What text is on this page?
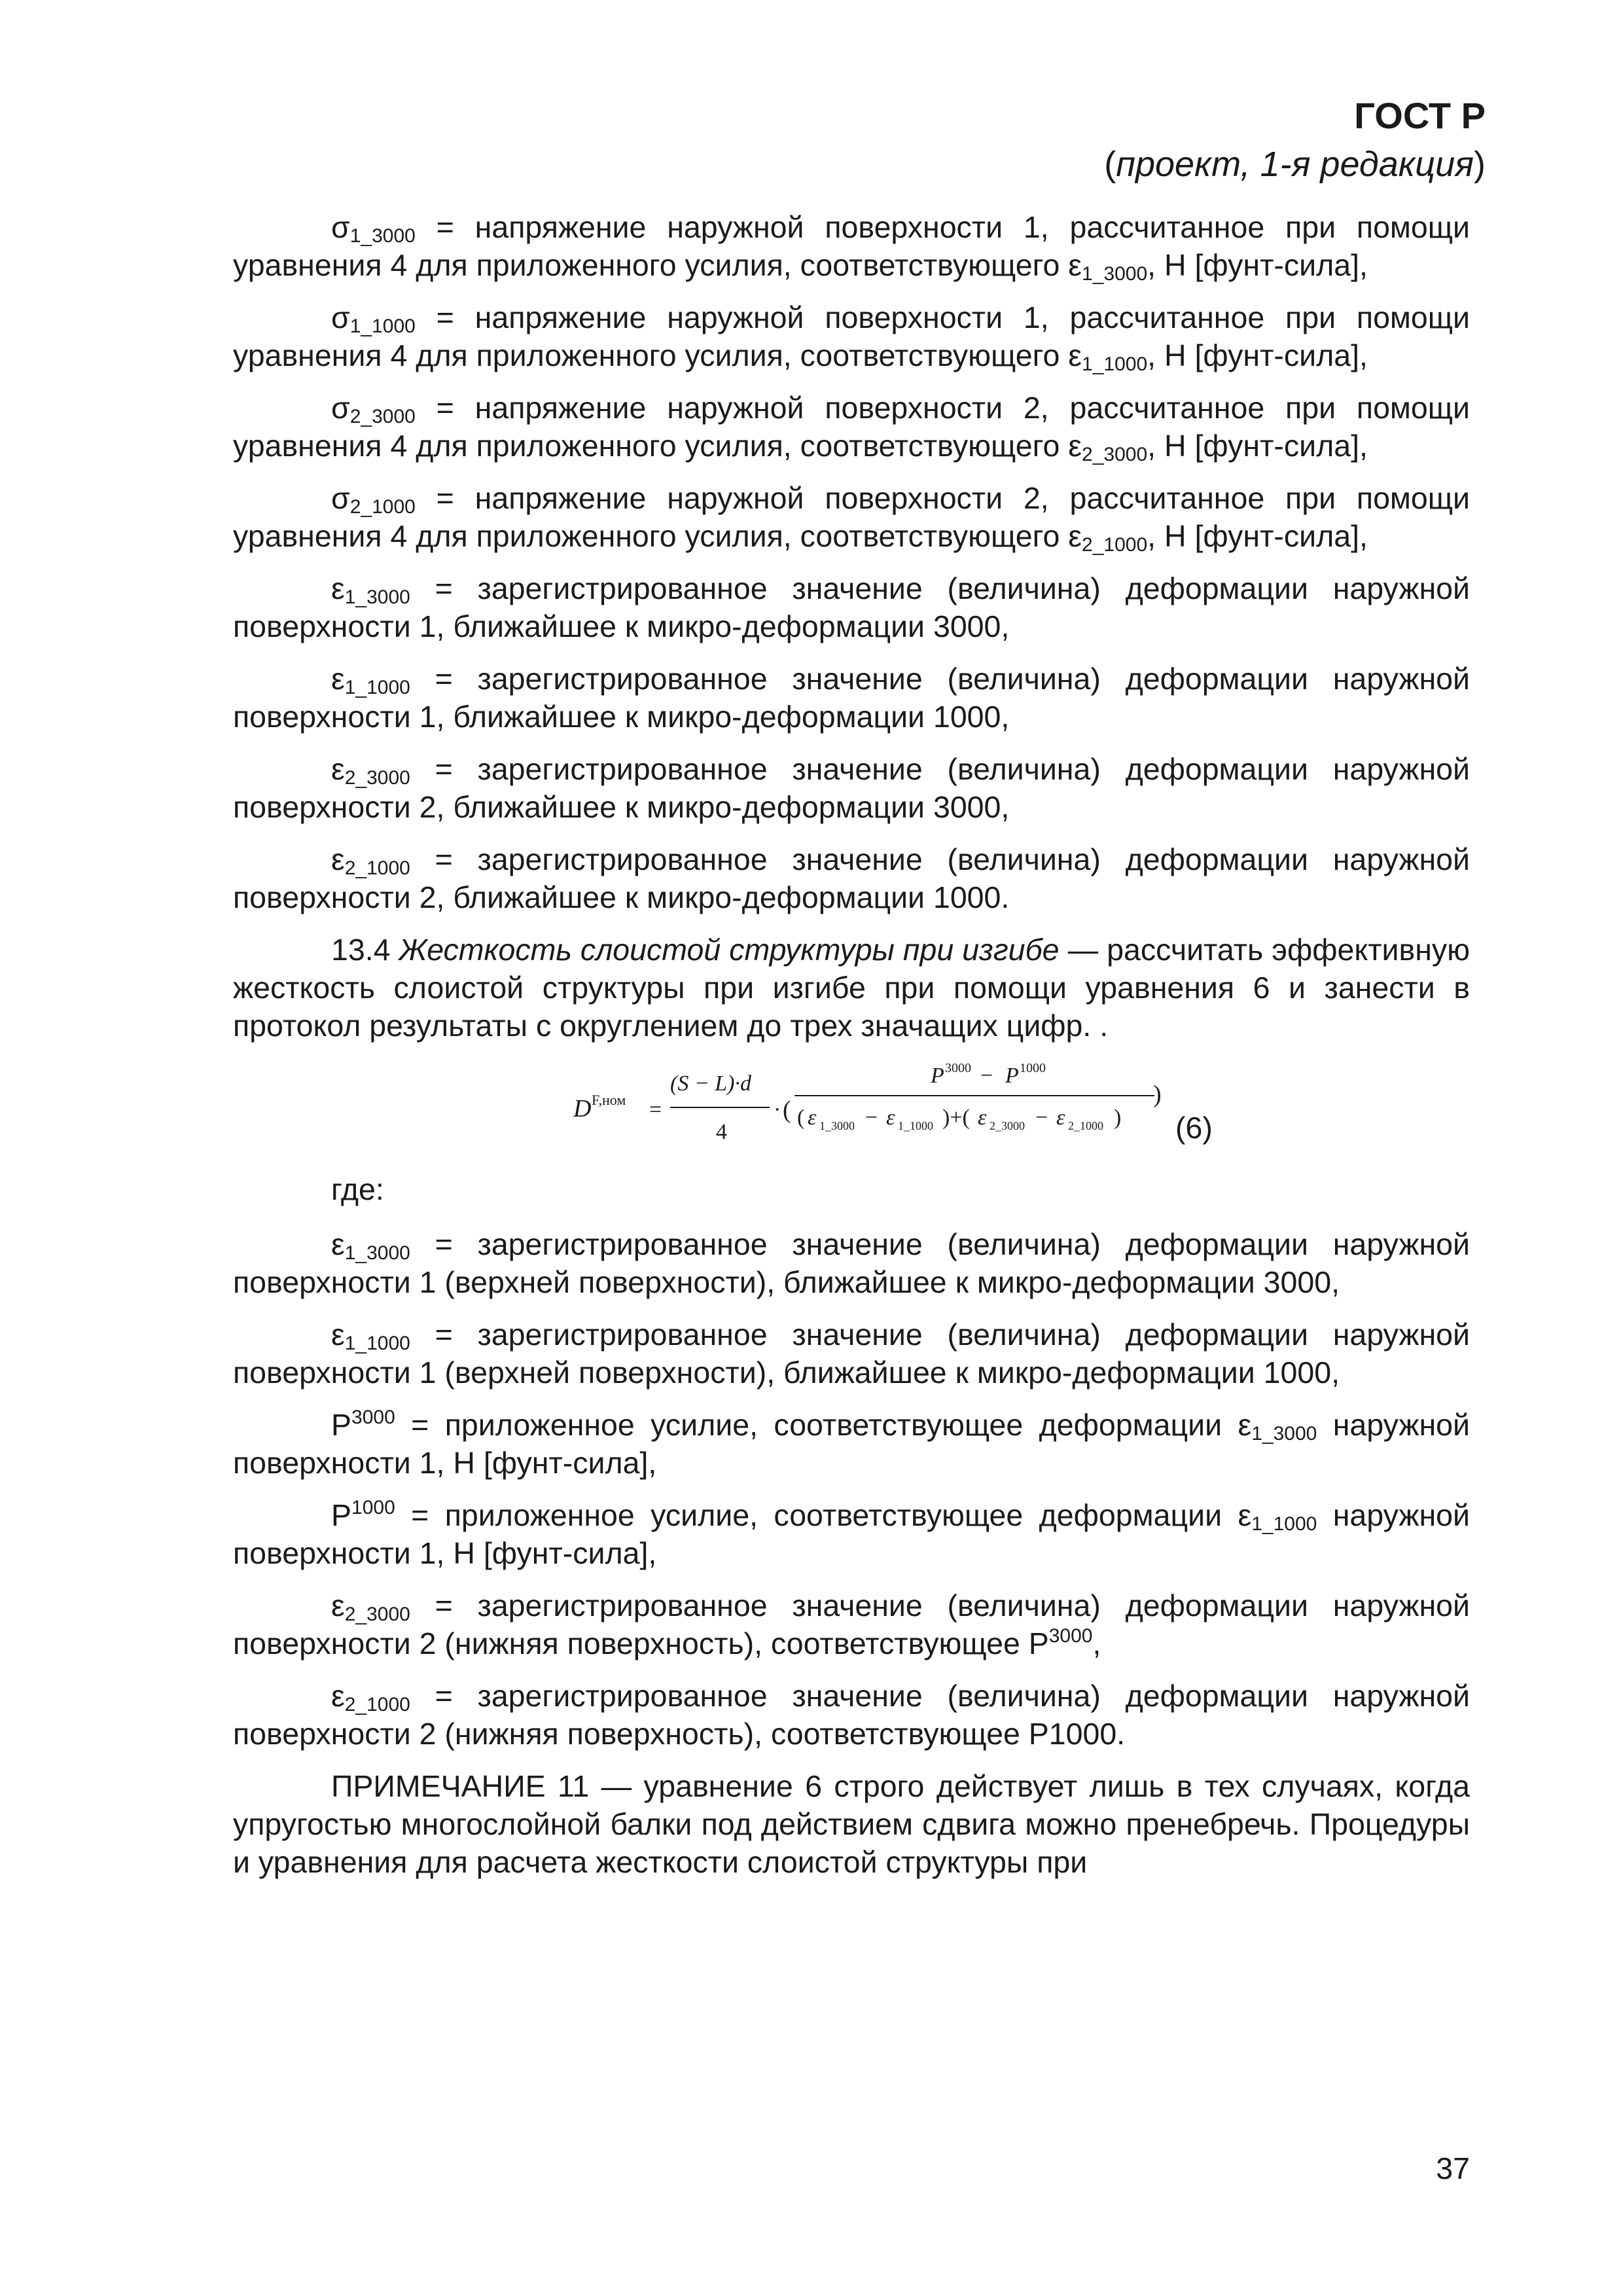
ГОСТ Р
(проект, 1-я редакция)

$\sigma_{1\_3000}$ = напряжение наружной поверхности 1, рассчитанное при помощи уравнения 4 для приложенного усилия, соответствующего $\varepsilon_{1\_3000}$, Н [фунт-сила],

$\sigma_{1\_1000}$ = напряжение наружной поверхности 1, рассчитанное при помощи уравнения 4 для приложенного усилия, соответствующего $\varepsilon_{1\_1000}$, Н [фунт-сила],

$\sigma_{2\_3000}$ = напряжение наружной поверхности 2, рассчитанное при помощи уравнения 4 для приложенного усилия, соответствующего $\varepsilon_{2\_3000}$, Н [фунт-сила],

$\sigma_{2\_1000}$ = напряжение наружной поверхности 2, рассчитанное при помощи уравнения 4 для приложенного усилия, соответствующего $\varepsilon_{2\_1000}$, Н [фунт-сила],

$\varepsilon_{1\_3000}$ = зарегистрированное значение (величина) деформации наружной поверхности 1, ближайшее к микро-деформации 3000,

$\varepsilon_{1\_1000}$ = зарегистрированное значение (величина) деформации наружной поверхности 1, ближайшее к микро-деформации 1000,

$\varepsilon_{2\_3000}$ = зарегистрированное значение (величина) деформации наружной поверхности 2, ближайшее к микро-деформации 3000,

$\varepsilon_{2\_1000}$ = зарегистрированное значение (величина) деформации наружной поверхности 2, ближайшее к микро-деформации 1000.

13.4 Жесткость слоистой структуры при изгибе — рассчитать эффективную жесткость слоистой структуры при изгибе при помощи уравнения 6 и занести в протокол результаты с округлением до трех значащих цифр. .

D F,ном =
(S − L)·d
4
· (
P 3000 − P 1000
( ε 1_3000 − ε 1_1000 )+( ε 2_3000 − ε 2_1000 )
)
(6)
где:

$\varepsilon_{1\_3000}$ = зарегистрированное значение (величина) деформации наружной поверхности 1 (верхней поверхности), ближайшее к микро-деформации 3000,

$\varepsilon_{1\_1000}$ = зарегистрированное значение (величина) деформации наружной поверхности 1 (верхней поверхности), ближайшее к микро-деформации 1000,

$P^{3000}$ = приложенное усилие, соответствующее деформации $\varepsilon_{1\_3000}$ наружной поверхности 1, Н [фунт-сила],

$P^{1000}$ = приложенное усилие, соответствующее деформации $\varepsilon_{1\_1000}$ наружной поверхности 1, Н [фунт-сила],

$\varepsilon_{2\_3000}$ = зарегистрированное значение (величина) деформации наружной поверхности 2 (нижняя поверхность), соответствующее $P^{3000}$,

$\varepsilon_{2\_1000}$ = зарегистрированное значение (величина) деформации наружной поверхности 2 (нижняя поверхность), соответствующее P1000.

ПРИМЕЧАНИЕ 11 — уравнение 6 строго действует лишь в тех случаях, когда упругостью многослойной балки под действием сдвига можно пренебречь. Процедуры и уравнения для расчета жесткости слоистой структуры при

37
